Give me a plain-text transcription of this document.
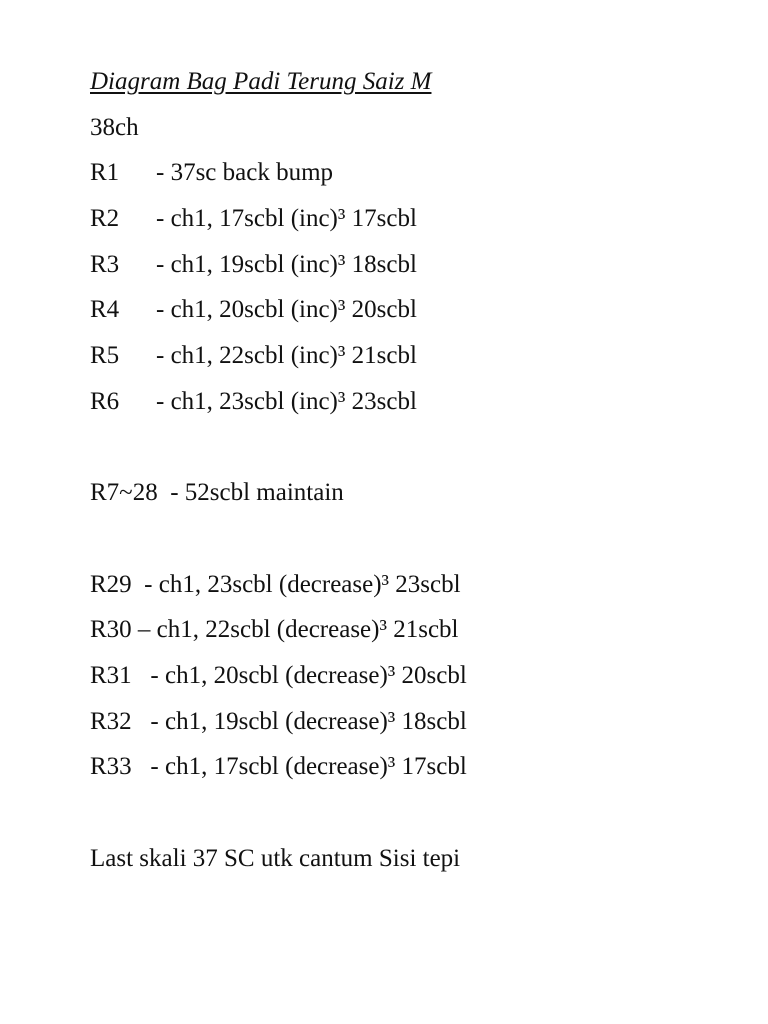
Diagram Bag Padi Terung Saiz M
38ch
R1	- 37sc back bump
R2	- ch1, 17scbl (inc)³ 17scbl
R3	- ch1, 19scbl (inc)³ 18scbl
R4	- ch1, 20scbl (inc)³ 20scbl
R5	- ch1, 22scbl (inc)³ 21scbl
R6	- ch1, 23scbl (inc)³ 23scbl
R7~28  - 52scbl maintain
R29  - ch1, 23scbl (decrease)³ 23scbl
R30 – ch1, 22scbl (decrease)³ 21scbl
R31   - ch1, 20scbl (decrease)³ 20scbl
R32   - ch1, 19scbl (decrease)³ 18scbl
R33   - ch1, 17scbl (decrease)³ 17scbl
Last skali 37 SC utk cantum Sisi tepi
